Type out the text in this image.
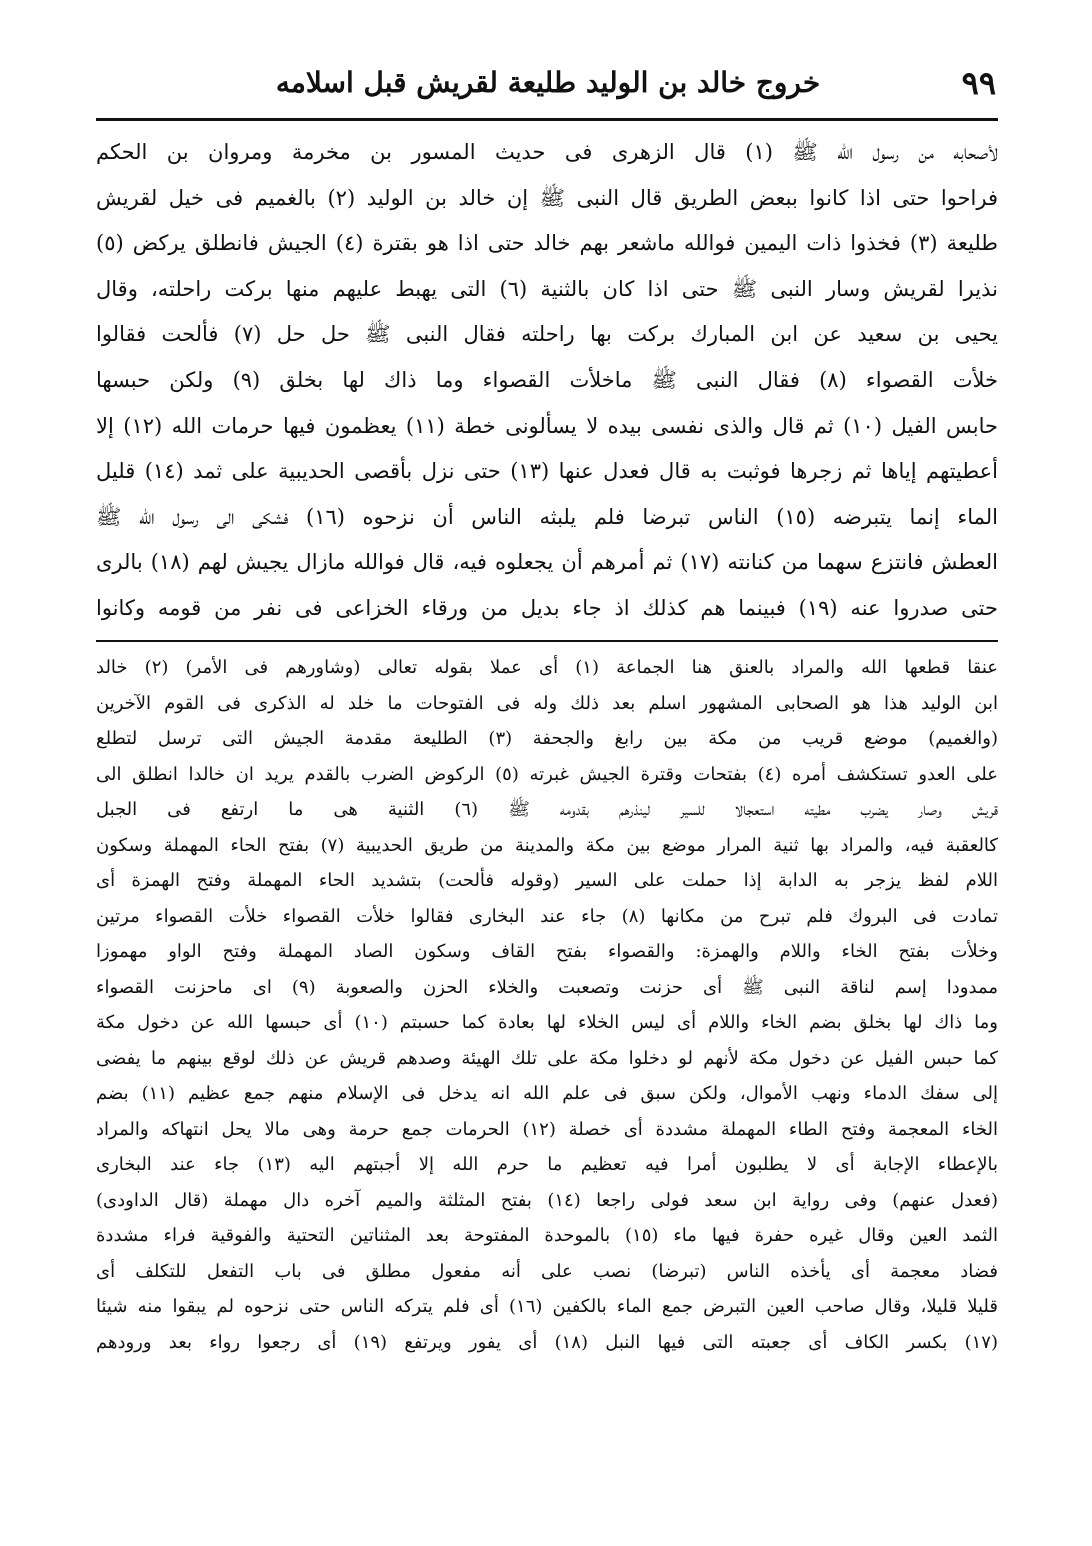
٩٩
خروج خالد بن الوليد طليعة لقريش قبل اسلامه
لأصحابه من رسول الله ﷺ (١) قال الزهرى فى حديث المسور بن مخرمة ومروان بن الحكم
فراحوا حتى اذا كانوا ببعض الطريق قال النبى ﷺ إن خالد بن الوليد (٢) بالغميم فى خيل لقريش
طليعة (٣) فخذوا ذات اليمين فوالله ماشعر بهم خالد حتى اذا هو بقترة (٤) الجيش فانطلق يركض (٥)
نذيرا لقريش وسار النبى ﷺ حتى اذا كان بالثنية (٦) التى يهبط عليهم منها بركت راحلته، وقال
يحيى بن سعيد عن ابن المبارك بركت بها راحلته فقال النبى ﷺ حل حل (٧) فألحت فقالوا
خلأت القصواء (٨) فقال النبى ﷺ ماخلأت القصواء وما ذاك لها بخلق (٩) ولكن حبسها
حابس الفيل (١٠) ثم قال والذى نفسى بيده لا يسألونى خطة (١١) يعظمون فيها حرمات الله (١٢) إلا
أعطيتهم إياها ثم زجرها فوثبت به قال فعدل عنها (١٣) حتى نزل بأقصى الحديبية على ثمد (١٤) قليل
الماء إنما يتبرضه (١٥) الناس تبرضا فلم يلبثه الناس أن نزحوه (١٦) فشكى الى رسول الله ﷺ
العطش فانتزع سهما من كنانته (١٧) ثم أمرهم أن يجعلوه فيه، قال فوالله مازال يجيش لهم (١٨) بالرى
حتى صدروا عنه (١٩) فبينما هم كذلك اذ جاء بديل من ورقاء الخزاعى فى نفر من قومه وكانوا
عنقا قطعها الله والمراد بالعنق هنا الجماعة (١) أى عملا بقوله تعالى (وشاورهم فى الأمر) (٢) خالد
ابن الوليد هذا هو الصحابى المشهور اسلم بعد ذلك وله فى الفتوحات ما خلد له الذكرى فى القوم الآخرين
(والغميم) موضع قريب من مكة بين رابغ والجحفة (٣) الطليعة مقدمة الجيش التى ترسل لتطلع
على العدو تستكشف أمره (٤) بفتحات وقترة الجيش غبرته (٥) الركوض الضرب بالقدم يريد ان خالدا انطلق الى
قريش وصار يضرب مطيته استعجالا للسير لينذرهم بقدومه ﷺ (٦) الثنية هى ما ارتفع فى الجبل
كالعقبة فيه، والمراد بها ثنية المرار موضع بين مكة والمدينة من طريق الحديبية (٧) بفتح الحاء المهملة وسكون
اللام لفظ يزجر به الدابة إذا حملت على السير (وقوله فألحت) بتشديد الحاء المهملة وفتح الهمزة أى
تمادت فى البروك فلم تبرح من مكانها (٨) جاء عند البخارى فقالوا خلأت القصواء خلأت القصواء مرتين
وخلأت بفتح الخاء واللام والهمزة: والقصواء بفتح القاف وسكون الصاد المهملة وفتح الواو مهموزا
ممدودا إسم لناقة النبى ﷺ أى حزنت وتصعبت والخلاء الحزن والصعوبة (٩) اى ماحزنت القصواء
وما ذاك لها بخلق بضم الخاء واللام أى ليس الخلاء لها بعادة كما حسبتم (١٠) أى حبسها الله عن دخول مكة
كما حبس الفيل عن دخول مكة لأنهم لو دخلوا مكة على تلك الهيئة وصدهم قريش عن ذلك لوقع بينهم ما يفضى
إلى سفك الدماء ونهب الأموال، ولكن سبق فى علم الله انه يدخل فى الإسلام منهم جمع عظيم (١١) بضم
الخاء المعجمة وفتح الطاء المهملة مشددة أى خصلة (١٢) الحرمات جمع حرمة وهى مالا يحل انتهاكه والمراد
بالإعطاء الإجابة أى لا يطلبون أمرا فيه تعظيم ما حرم الله إلا أجبتهم اليه (١٣) جاء عند البخارى
(فعدل عنهم) وفى رواية ابن سعد فولى راجعا (١٤) بفتح المثلثة والميم آخره دال مهملة (قال الداودى)
الثمد العين وقال غيره حفرة فيها ماء (١٥) بالموحدة المفتوحة بعد المثناتين التحتية والفوقية فراء مشددة
فضاد معجمة أى يأخذه الناس (تبرضا) نصب على أنه مفعول مطلق فى باب التفعل للتكلف أى
قليلا قليلا، وقال صاحب العين التبرض جمع الماء بالكفين (١٦) أى فلم يتركه الناس حتى نزحوه لم يبقوا منه شيئا
(١٧) بكسر الكاف أى جعبته التى فيها النبل (١٨) أى يفور ويرتفع (١٩) أى رجعوا رواء بعد ورودهم
